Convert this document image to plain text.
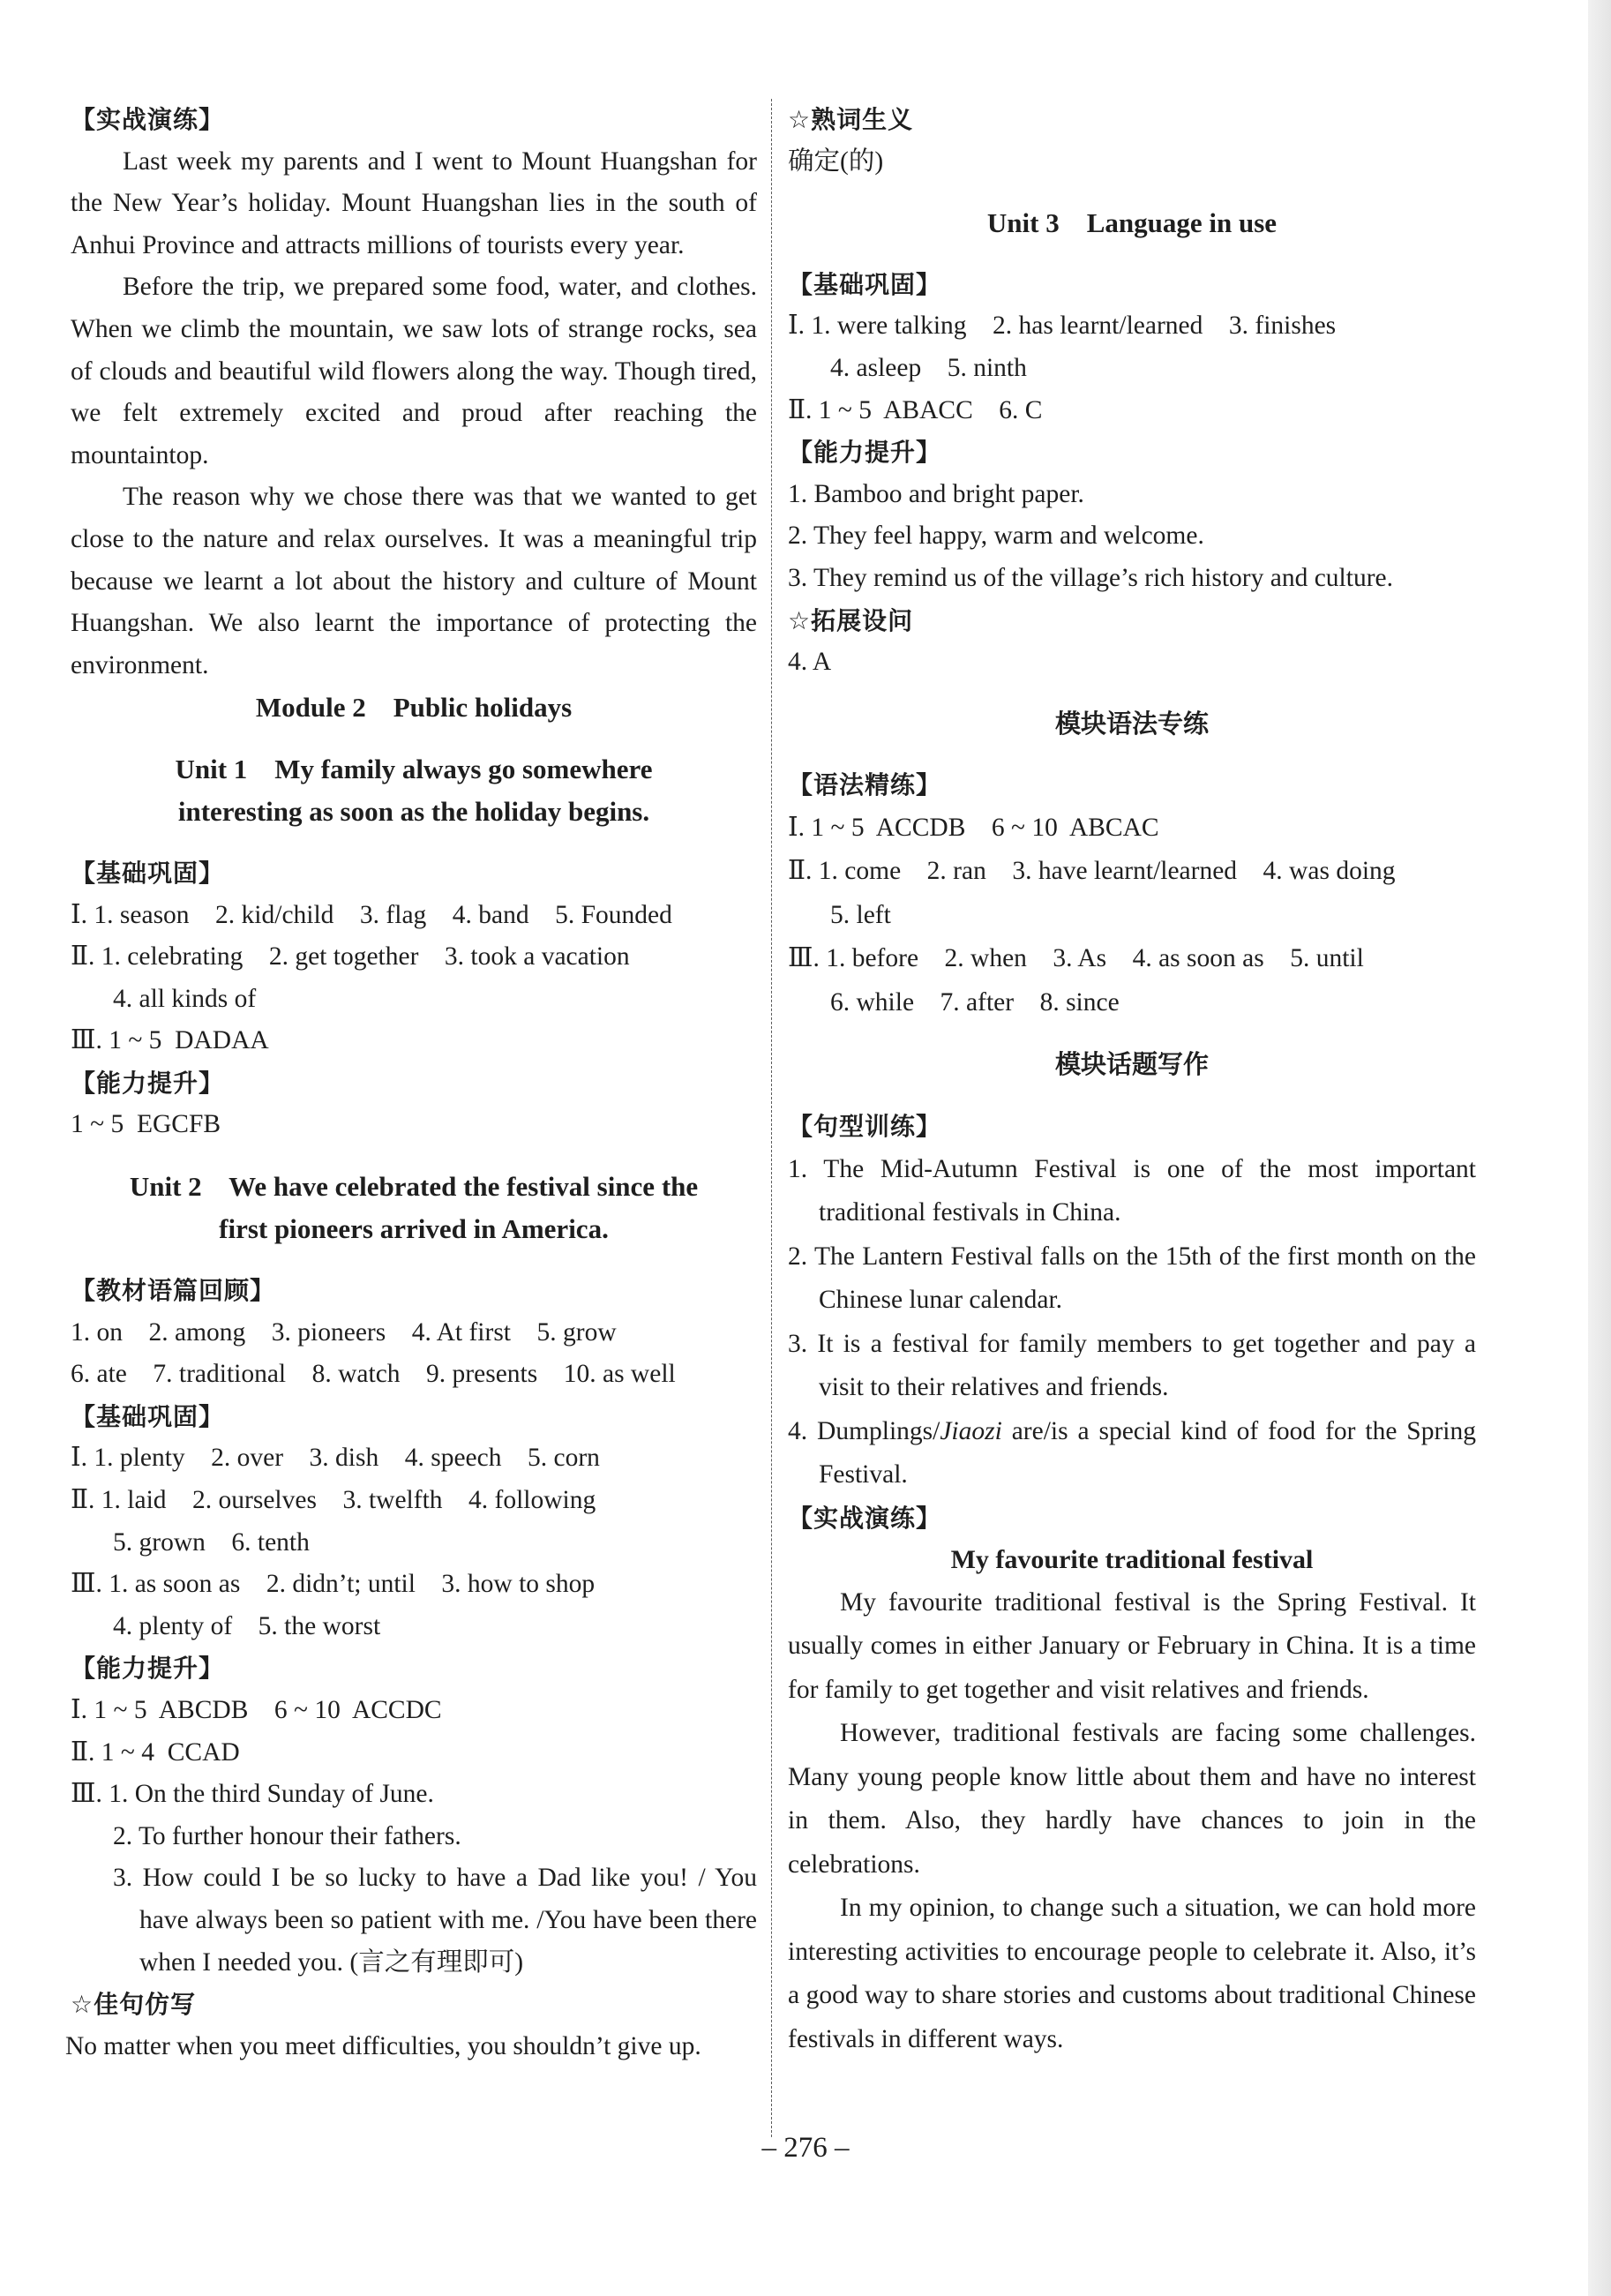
【实战演练】
Last week my parents and I went to Mount Huangshan for the New Year’s holiday. Mount Huangshan lies in the south of Anhui Province and attracts millions of tourists every year.
Before the trip, we prepared some food, water, and clothes. When we climb the mountain, we saw lots of strange rocks, sea of clouds and beautiful wild flowers along the way. Though tired, we felt extremely excited and proud after reaching the mountaintop.
The reason why we chose there was that we wanted to get close to the nature and relax ourselves. It was a meaningful trip because we learnt a lot about the history and culture of Mount Huangshan. We also learnt the importance of protecting the environment.
Module 2    Public holidays
Unit 1    My family always go somewhere
interesting as soon as the holiday begins.
【基础巩固】
Ⅰ. 1. season    2. kid/child    3. flag    4. band    5. Founded
Ⅱ. 1. celebrating    2. get together    3. took a vacation
4. all kinds of
Ⅲ. 1 ~ 5  DADAA
【能力提升】
1 ~ 5  EGCFB
Unit 2    We have celebrated the festival since the
first pioneers arrived in America.
【教材语篇回顾】
1. on    2. among    3. pioneers    4. At first    5. grow
6. ate    7. traditional    8. watch    9. presents    10. as well
【基础巩固】
Ⅰ. 1. plenty    2. over    3. dish    4. speech    5. corn
Ⅱ. 1. laid    2. ourselves    3. twelfth    4. following
5. grown    6. tenth
Ⅲ. 1. as soon as    2. didn’t; until    3. how to shop
4. plenty of    5. the worst
【能力提升】
Ⅰ. 1 ~ 5  ABCDB    6 ~ 10  ACCDC
Ⅱ. 1 ~ 4  CCAD
Ⅲ. 1. On the third Sunday of June.
2. To further honour their fathers.
3. How could I be so lucky to have a Dad like you! / You have always been so patient with me. /You have been there when I needed you. (言之有理即可)
☆佳句仿写
No matter when you meet difficulties, you shouldn’t give up.
☆熟词生义
确定(的)
Unit 3    Language in use
【基础巩固】
Ⅰ. 1. were talking    2. has learnt/learned    3. finishes
4. asleep    5. ninth
Ⅱ. 1 ~ 5  ABACC    6. C
【能力提升】
1. Bamboo and bright paper.
2. They feel happy, warm and welcome.
3. They remind us of the village’s rich history and culture.
☆拓展设问
4. A
模块语法专练
【语法精练】
Ⅰ. 1 ~ 5  ACCDB    6 ~ 10  ABCAC
Ⅱ. 1. come    2. ran    3. have learnt/learned    4. was doing
5. left
Ⅲ. 1. before    2. when    3. As    4. as soon as    5. until
6. while    7. after    8. since
模块话题写作
【句型训练】
1. The Mid-Autumn Festival is one of the most important traditional festivals in China.
2. The Lantern Festival falls on the 15th of the first month on the Chinese lunar calendar.
3. It is a festival for family members to get together and pay a visit to their relatives and friends.
4. Dumplings/Jiaozi are/is a special kind of food for the Spring Festival.
【实战演练】
My favourite traditional festival
My favourite traditional festival is the Spring Festival. It usually comes in either January or February in China. It is a time for family to get together and visit relatives and friends.
However, traditional festivals are facing some challenges. Many young people know little about them and have no interest in them. Also, they hardly have chances to join in the celebrations.
In my opinion, to change such a situation, we can hold more interesting activities to encourage people to celebrate it. Also, it’s a good way to share stories and customs about traditional Chinese festivals in different ways.
– 276 –
